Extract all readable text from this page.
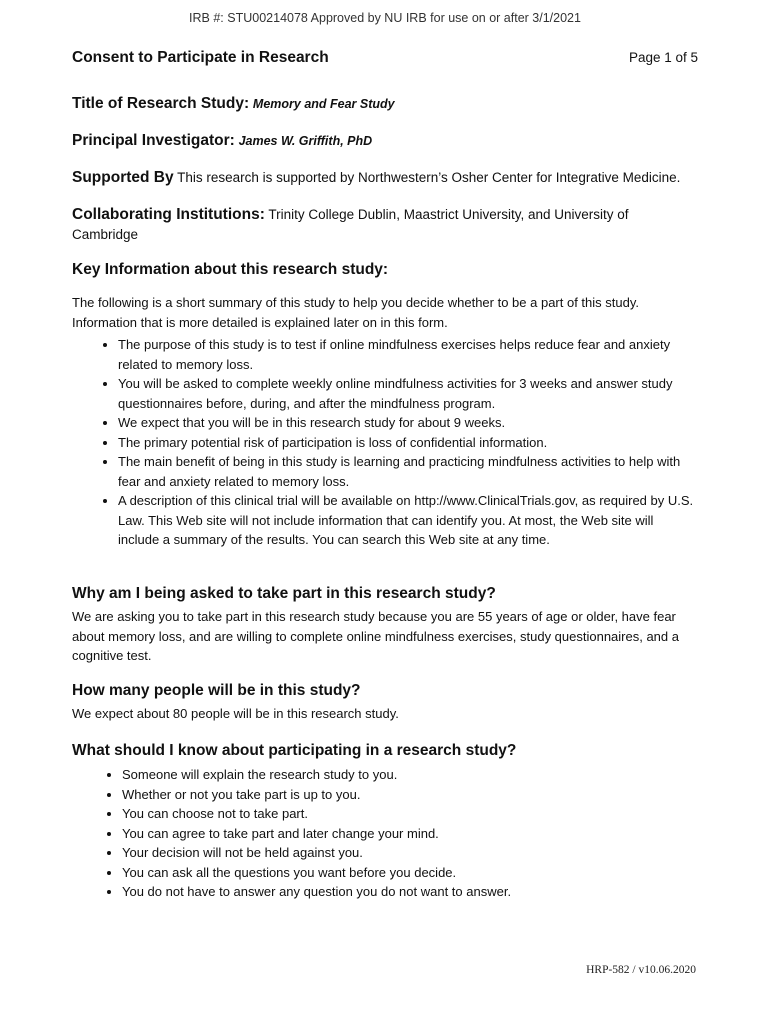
IRB #: STU00214078 Approved by NU IRB for use on or after 3/1/2021
Consent to Participate in Research	Page 1 of 5
Title of Research Study: Memory and Fear Study
Principal Investigator: James W. Griffith, PhD
Supported By This research is supported by Northwestern’s Osher Center for Integrative Medicine.
Collaborating Institutions: Trinity College Dublin, Maastrict University, and University of Cambridge
Key Information about this research study:

The following is a short summary of this study to help you decide whether to be a part of this study. Information that is more detailed is explained later on in this form.

• The purpose of this study is to test if online mindfulness exercises helps reduce fear and anxiety related to memory loss.
• You will be asked to complete weekly online mindfulness activities for 3 weeks and answer study questionnaires before, during, and after the mindfulness program.
• We expect that you will be in this research study for about 9 weeks.
• The primary potential risk of participation is loss of confidential information.
• The main benefit of being in this study is learning and practicing mindfulness activities to help with fear and anxiety related to memory loss.
• A description of this clinical trial will be available on http://www.ClinicalTrials.gov, as required by U.S. Law. This Web site will not include information that can identify you. At most, the Web site will include a summary of the results. You can search this Web site at any time.
Why am I being asked to take part in this research study?

We are asking you to take part in this research study because you are 55 years of age or older, have fear about memory loss, and are willing to complete online mindfulness exercises, study questionnaires, and a cognitive test.

How many people will be in this study?

We expect about 80 people will be in this research study.

What should I know about participating in a research study?
• Someone will explain the research study to you.
• Whether or not you take part is up to you.
• You can choose not to take part.
• You can agree to take part and later change your mind.
• Your decision will not be held against you.
• You can ask all the questions you want before you decide.
• You do not have to answer any question you do not want to answer.
HRP-582 / v10.06.2020
